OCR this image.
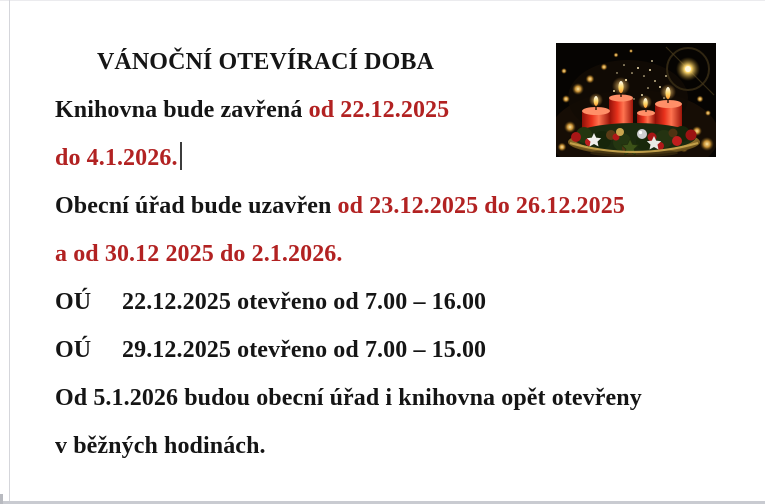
VÁNOČNÍ OTEVÍRACÍ DOBA

Knihovna bude zavřená od 22.12.2025

do 4.1.2026.

Obecní úřad bude uzavřen od 23.12.2025 do 26.12.2025

a od 30.12 2025 do 2.1.2026.

OÚ 22.12.2025 otevřeno od 7.00 – 16.00

OÚ 29.12.2025 otevřeno od 7.00 – 15.00

Od 5.1.2026 budou obecní úřad i knihovna opět otevřeny

v běžných hodinách.
